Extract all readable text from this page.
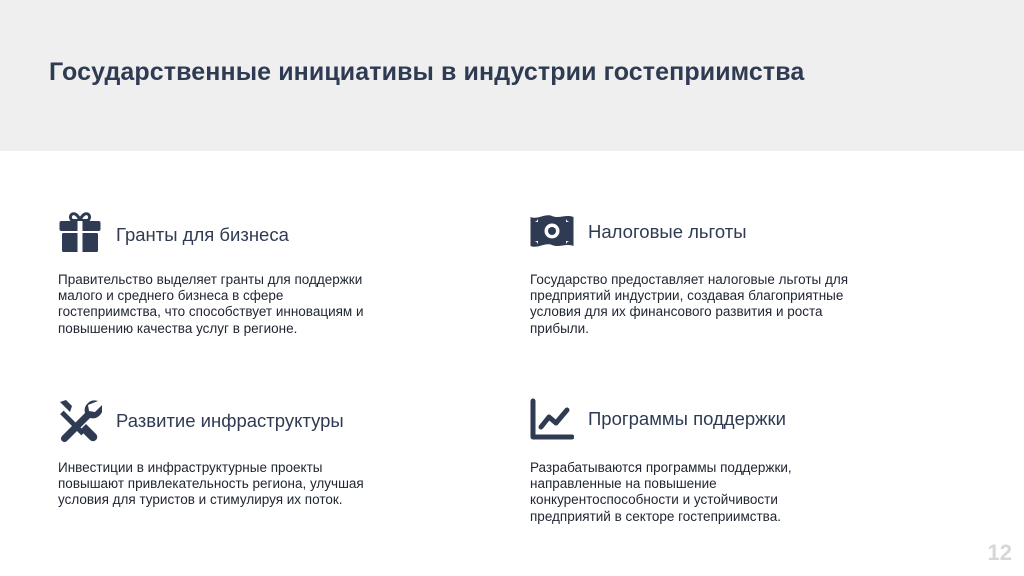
Государственные инициативы в индустрии гостеприимства
Гранты для бизнеса
Правительство выделяет гранты для поддержки
малого и среднего бизнеса в сфере
гостеприимства, что способствует инновациям и
повышению качества услуг в регионе.
Налоговые льготы
Государство предоставляет налоговые льготы для
предприятий индустрии, создавая благоприятные
условия для их финансового развития и роста
прибыли.
Развитие инфраструктуры
Инвестиции в инфраструктурные проекты
повышают привлекательность региона, улучшая
условия для туристов и стимулируя их поток.
Программы поддержки
Разрабатываются программы поддержки,
направленные на повышение
конкурентоспособности и устойчивости
предприятий в секторе гостеприимства.
12
